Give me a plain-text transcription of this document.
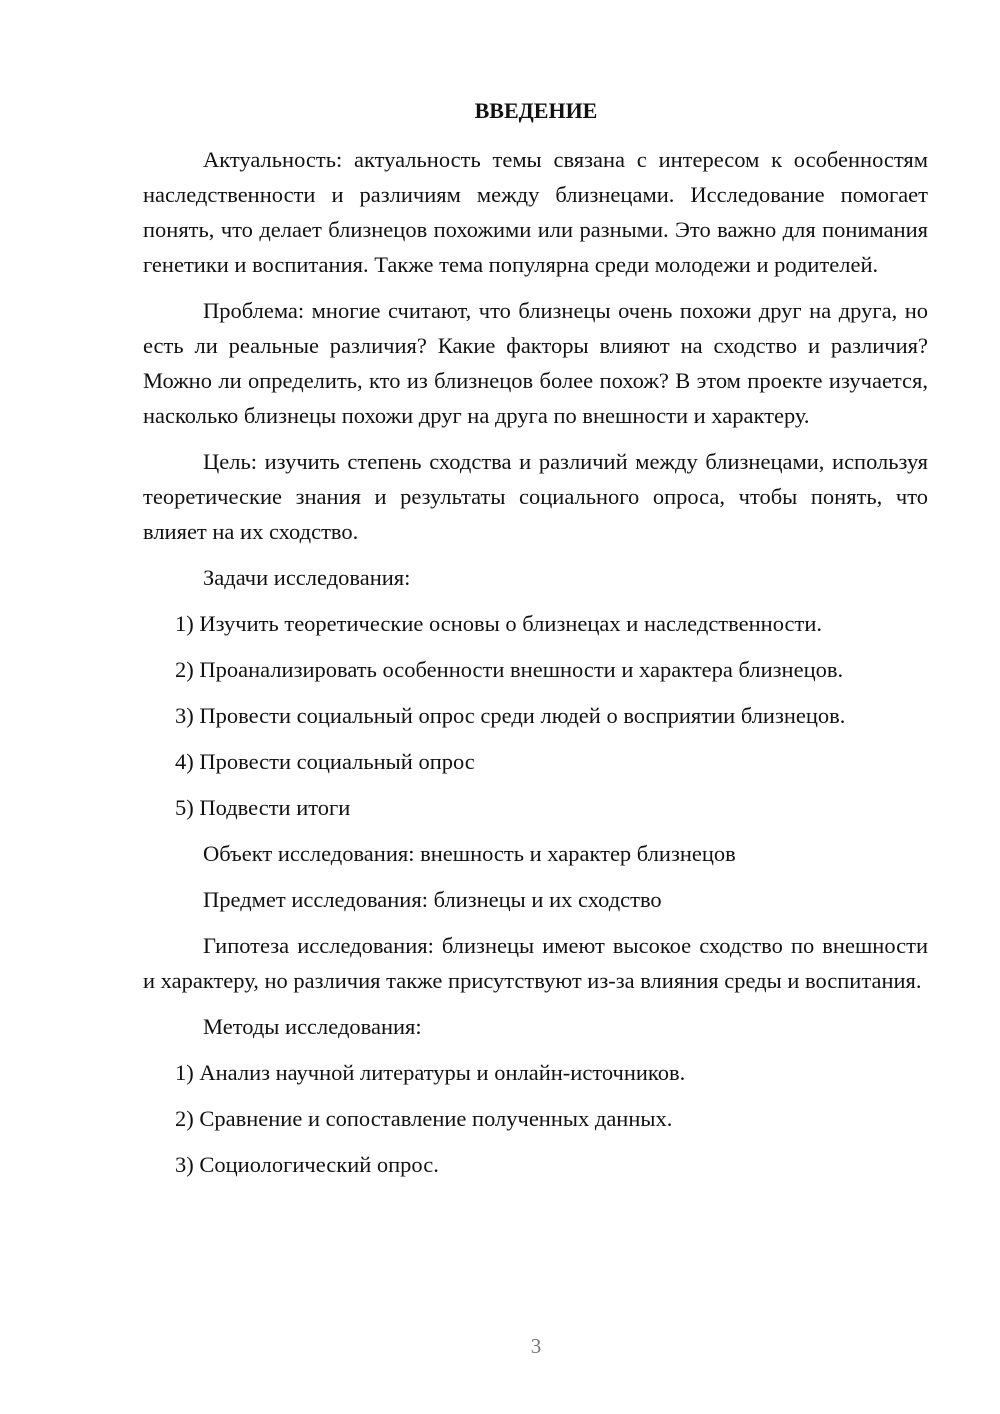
ВВЕДЕНИЕ

Актуальность: актуальность темы связана с интересом к особенностям наследственности и различиям между близнецами. Исследование помогает понять, что делает близнецов похожими или разными. Это важно для понимания генетики и воспитания. Также тема популярна среди молодежи и родителей.

Проблема: многие считают, что близнецы очень похожи друг на друга, но есть ли реальные различия? Какие факторы влияют на сходство и различия? Можно ли определить, кто из близнецов более похож? В этом проекте изучается, насколько близнецы похожи друг на друга по внешности и характеру.

Цель: изучить степень сходства и различий между близнецами, используя теоретические знания и результаты социального опроса, чтобы понять, что влияет на их сходство.

Задачи исследования:

1) Изучить теоретические основы о близнецах и наследственности.

2) Проанализировать особенности внешности и характера близнецов.

3) Провести социальный опрос среди людей о восприятии близнецов.

4) Провести социальный опрос

5) Подвести итоги

Объект исследования: внешность и характер близнецов

Предмет исследования: близнецы и их сходство

Гипотеза исследования: близнецы имеют высокое сходство по внешности и характеру, но различия также присутствуют из-за влияния среды и воспитания.

Методы исследования:

1) Анализ научной литературы и онлайн-источников.

2) Сравнение и сопоставление полученных данных.

3) Социологический опрос.

3
